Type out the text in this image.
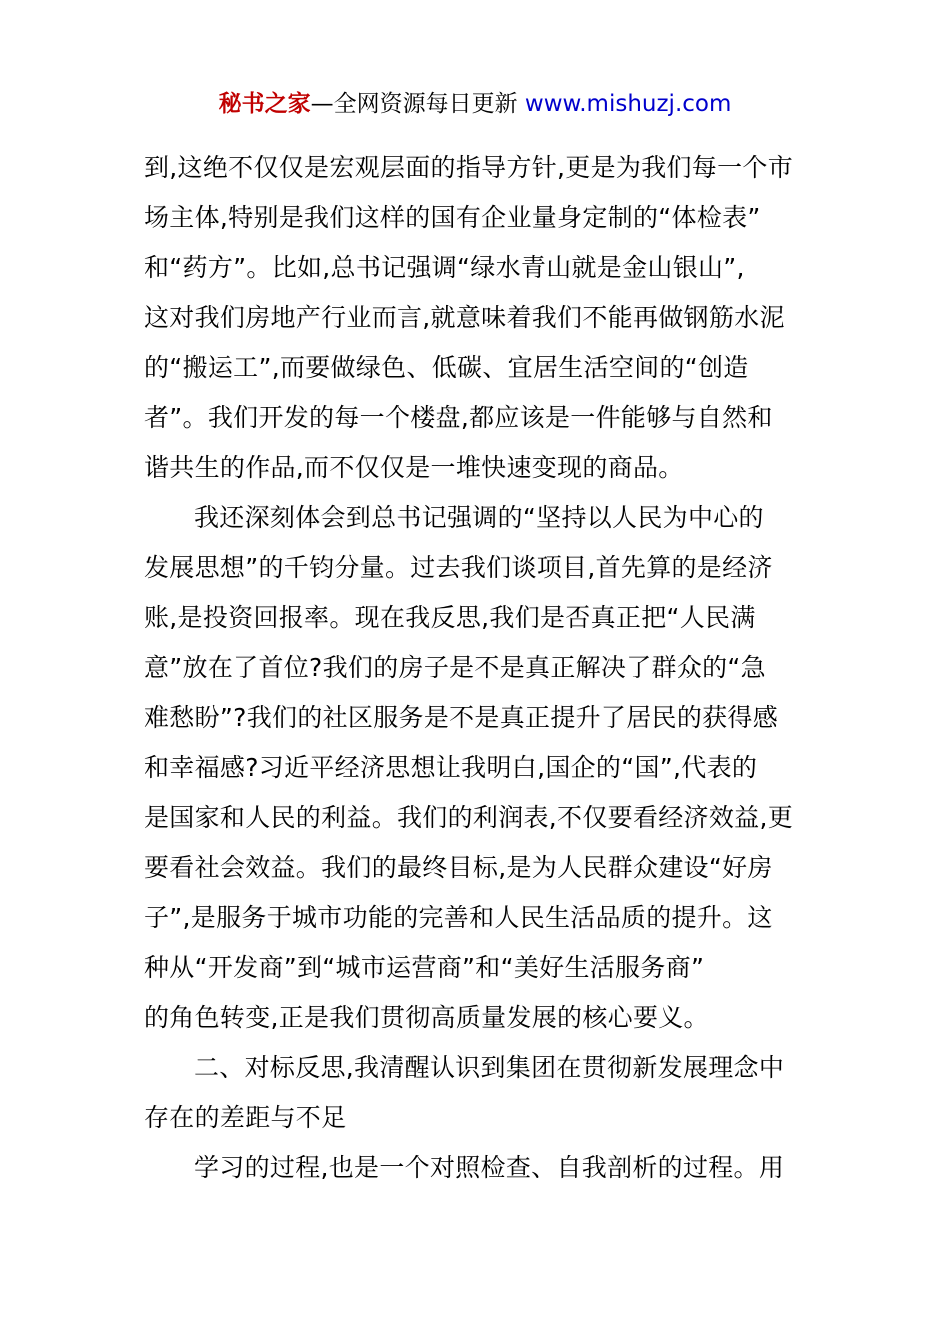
秘书之家—全网资源每日更新 www.mishuzj.com
到,这绝不仅仅是宏观层面的指导方针,更是为我们每一个市
场主体,特别是我们这样的国有企业量身定制的“体检表”
和“药方”。比如,总书记强调“绿水青山就是金山银山”,
这对我们房地产行业而言,就意味着我们不能再做钢筋水泥
的“搬运工”,而要做绿色、低碳、宜居生活空间的“创造
者”。我们开发的每一个楼盘,都应该是一件能够与自然和
谐共生的作品,而不仅仅是一堆快速变现的商品。
我还深刻体会到总书记强调的“坚持以人民为中心的
发展思想”的千钧分量。过去我们谈项目,首先算的是经济
账,是投资回报率。现在我反思,我们是否真正把“人民满
意”放在了首位?我们的房子是不是真正解决了群众的“急
难愁盼”?我们的社区服务是不是真正提升了居民的获得感
和幸福感?习近平经济思想让我明白,国企的“国”,代表的
是国家和人民的利益。我们的利润表,不仅要看经济效益,更
要看社会效益。我们的最终目标,是为人民群众建设“好房
子”,是服务于城市功能的完善和人民生活品质的提升。这
种从“开发商”到“城市运营商”和“美好生活服务商”
的角色转变,正是我们贯彻高质量发展的核心要义。
二、对标反思,我清醒认识到集团在贯彻新发展理念中
存在的差距与不足
学习的过程,也是一个对照检查、自我剖析的过程。用
